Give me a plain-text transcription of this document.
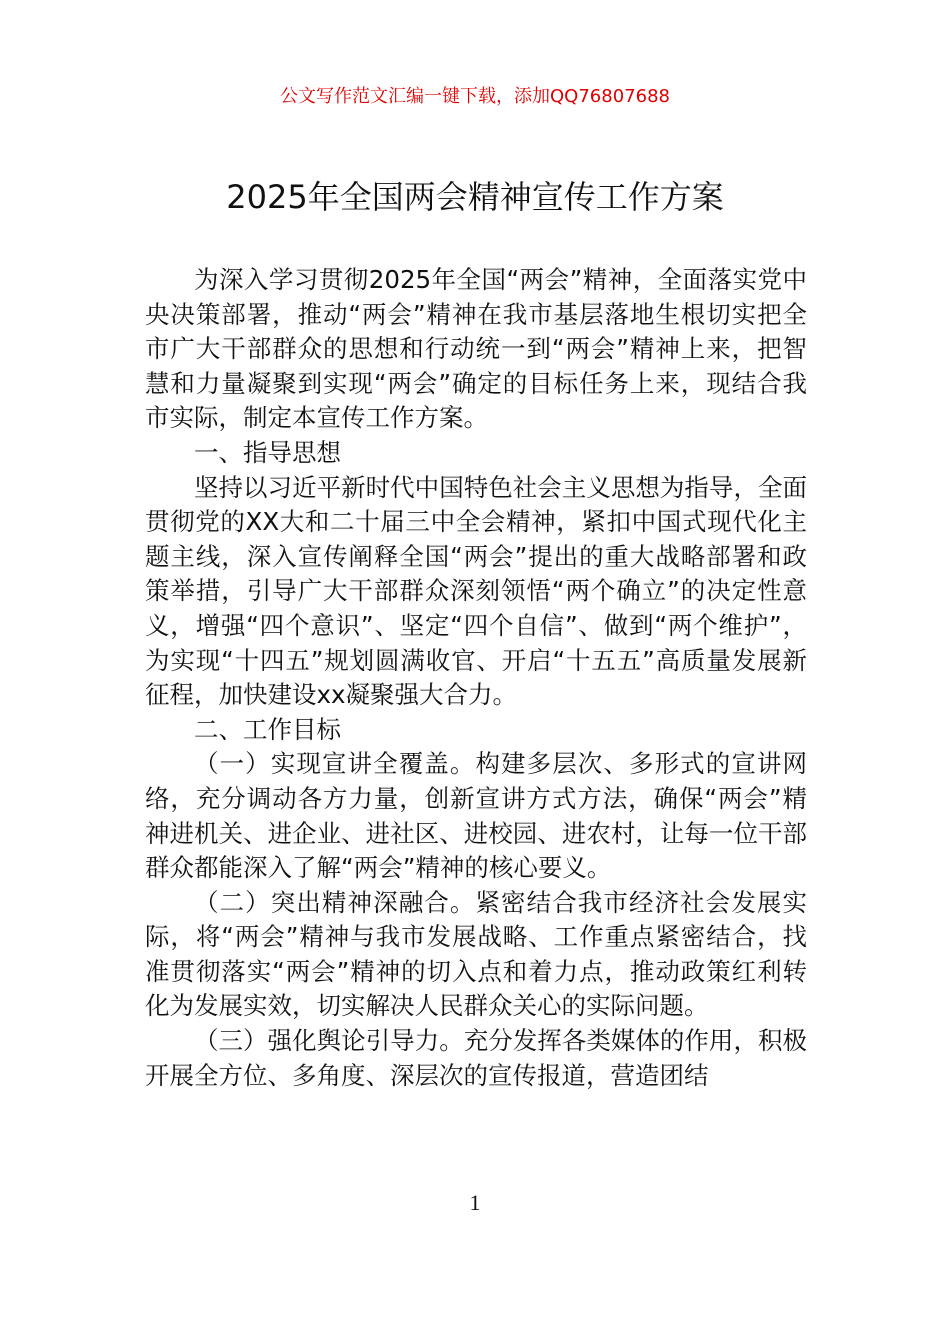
公文写作范文汇编一键下载，添加QQ76807688
2025年全国两会精神宣传工作方案

为深入学习贯彻2025年全国“两会”精神，全面落实党中央决策部署，推动“两会”精神在我市基层落地生根切实把全市广大干部群众的思想和行动统一到“两会”精神上来，把智慧和力量凝聚到实现“两会”确定的目标任务上来，现结合我市实际，制定本宣传工作方案。

一、指导思想

坚持以习近平新时代中国特色社会主义思想为指导，全面贯彻党的XX大和二十届三中全会精神，紧扣中国式现代化主题主线，深入宣传阐释全国“两会”提出的重大战略部署和政策举措，引导广大干部群众深刻领悟“两个确立”的决定性意义，增强“四个意识”、坚定“四个自信”、做到“两个维护”，为实现“十四五”规划圆满收官、开启“十五五”高质量发展新征程，加快建设xx凝聚强大合力。

二、工作目标

（一）实现宣讲全覆盖。构建多层次、多形式的宣讲网络，充分调动各方力量，创新宣讲方式方法，确保“两会”精神进机关、进企业、进社区、进校园、进农村，让每一位干部群众都能深入了解“两会”精神的核心要义。

（二）突出精神深融合。紧密结合我市经济社会发展实际，将“两会”精神与我市发展战略、工作重点紧密结合，找准贯彻落实“两会”精神的切入点和着力点，推动政策红利转化为发展实效，切实解决人民群众关心的实际问题。

（三）强化舆论引导力。充分发挥各类媒体的作用，积极开展全方位、多角度、深层次的宣传报道，营造团结

1
